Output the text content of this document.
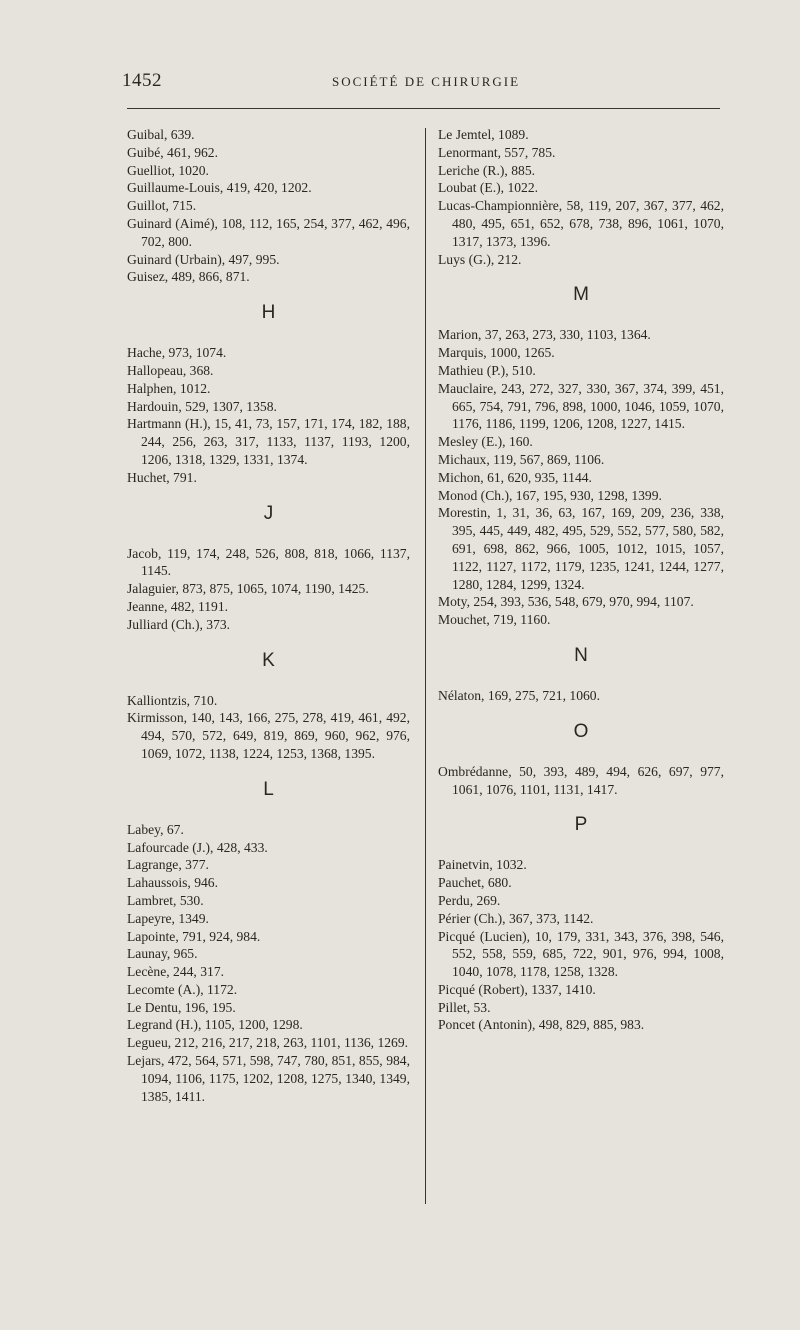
1452	SOCIÉTÉ DE CHIRURGIE

Guibal, 639.

Guibé, 461, 962.

Guelliot, 1020.

Guillaume-Louis, 419, 420, 1202.

Guillot, 715.

Guinard (Aimé), 108, 112, 165, 254, 377, 462, 496, 702, 800.

Guinard (Urbain), 497, 995.

Guisez, 489, 866, 871.

H

Hache, 973, 1074.

Hallopeau, 368.

Halphen, 1012.

Hardouin, 529, 1307, 1358.

Hartmann (H.), 15, 41, 73, 157, 171, 174, 182, 188, 244, 256, 263, 317, 1133, 1137, 1193, 1200, 1206, 1318, 1329, 1331, 1374.

Huchet, 791.

J

Jacob, 119, 174, 248, 526, 808, 818, 1066, 1137, 1145.

Jalaguier, 873, 875, 1065, 1074, 1190, 1425.

Jeanne, 482, 1191.

Julliard (Ch.), 373.

K

Kalliontzis, 710.

Kirmisson, 140, 143, 166, 275, 278, 419, 461, 492, 494, 570, 572, 649, 819, 869, 960, 962, 976, 1069, 1072, 1138, 1224, 1253, 1368, 1395.

L

Labey, 67.

Lafourcade (J.), 428, 433.

Lagrange, 377.

Lahaussois, 946.

Lambret, 530.

Lapeyre, 1349.

Lapointe, 791, 924, 984.

Launay, 965.

Lecène, 244, 317.

Lecomte (A.), 1172.

Le Dentu, 196, 195.

Legrand (H.), 1105, 1200, 1298.

Legueu, 212, 216, 217, 218, 263, 1101, 1136, 1269.

Lejars, 472, 564, 571, 598, 747, 780, 851, 855, 984, 1094, 1106, 1175, 1202, 1208, 1275, 1340, 1349, 1385, 1411.

Le Jemtel, 1089.

Lenormant, 557, 785.

Leriche (R.), 885.

Loubat (E.), 1022.

Lucas-Championnière, 58, 119, 207, 367, 377, 462, 480, 495, 651, 652, 678, 738, 896, 1061, 1070, 1317, 1373, 1396.

Luys (G.), 212.

M

Marion, 37, 263, 273, 330, 1103, 1364.

Marquis, 1000, 1265.

Mathieu (P.), 510.

Mauclaire, 243, 272, 327, 330, 367, 374, 399, 451, 665, 754, 791, 796, 898, 1000, 1046, 1059, 1070, 1176, 1186, 1199, 1206, 1208, 1227, 1415.

Mesley (E.), 160.

Michaux, 119, 567, 869, 1106.

Michon, 61, 620, 935, 1144.

Monod (Ch.), 167, 195, 930, 1298, 1399.

Morestin, 1, 31, 36, 63, 167, 169, 209, 236, 338, 395, 445, 449, 482, 495, 529, 552, 577, 580, 582, 691, 698, 862, 966, 1005, 1012, 1015, 1057, 1122, 1127, 1172, 1179, 1235, 1241, 1244, 1277, 1280, 1284, 1299, 1324.

Moty, 254, 393, 536, 548, 679, 970, 994, 1107.

Mouchet, 719, 1160.

N

Nélaton, 169, 275, 721, 1060.

O

Ombrédanne, 50, 393, 489, 494, 626, 697, 977, 1061, 1076, 1101, 1131, 1417.

P

Painetvin, 1032.

Pauchet, 680.

Perdu, 269.

Périer (Ch.), 367, 373, 1142.

Picqué (Lucien), 10, 179, 331, 343, 376, 398, 546, 552, 558, 559, 685, 722, 901, 976, 994, 1008, 1040, 1078, 1178, 1258, 1328.

Picqué (Robert), 1337, 1410.

Pillet, 53.

Poncet (Antonin), 498, 829, 885, 983.
